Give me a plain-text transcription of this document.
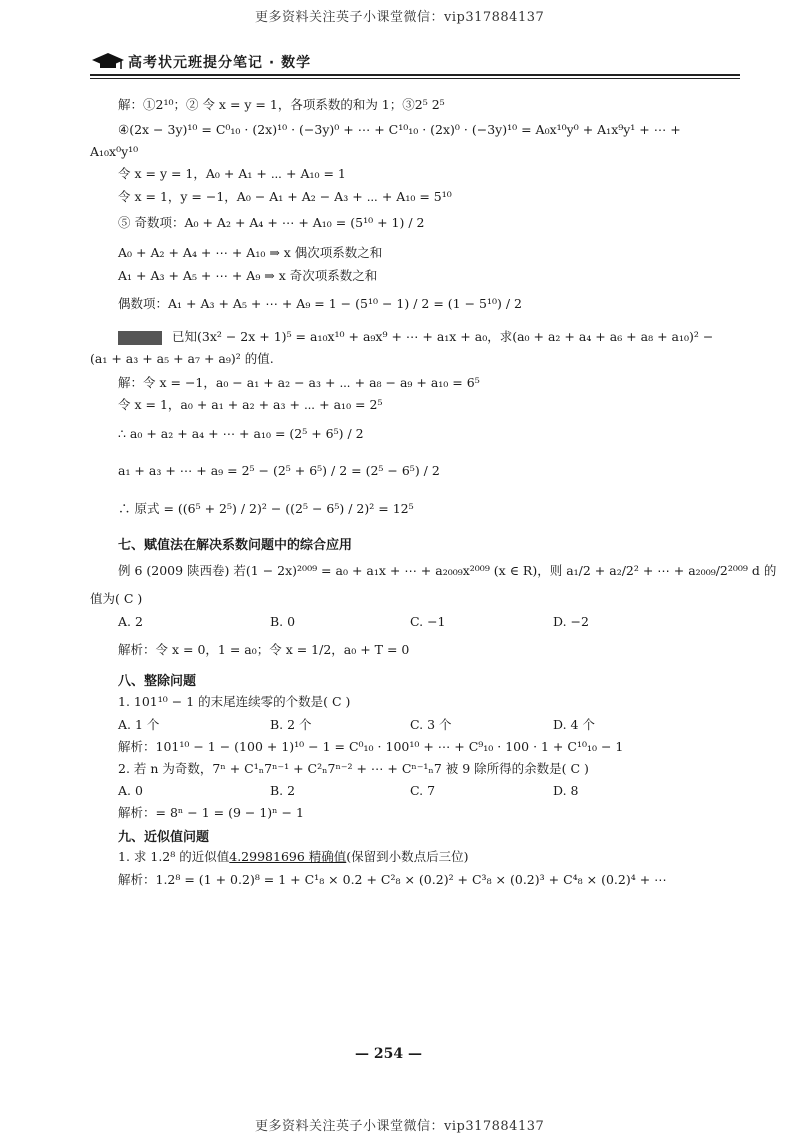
更多资料关注英子小课堂微信：vip317884137
高考状元班提分笔记 · 数学
解：①2¹⁰；② 令 x = y = 1，各项系数的和为 1；③2⁵ 2⁵
④(2x − 3y)¹⁰ = C⁰₁₀ · (2x)¹⁰ · (−3y)⁰ + ⋯ + C¹⁰₁₀ · (2x)⁰ · (−3y)¹⁰ = A₀x¹⁰y⁰ + A₁x⁹y¹ + ⋯ +
A₁₀x⁰y¹⁰
令 x = y = 1，A₀ + A₁ + ⋯ + A₁₀ = 1
令 x = 1，y = −1，A₀ − A₁ + A₂ − A₃ + ⋯ + A₁₀ = 5¹⁰
⑤ 奇数项：A₀ + A₂ + A₄ + ⋯ + A₁₀ = (5¹⁰ + 1) / 2
A₀ + A₂ + A₄ + ⋯ + A₁₀ ⇒ x 偶次项系数之和
A₁ + A₃ + A₅ + ⋯ + A₉ ⇒ x 奇次项系数之和
偶数项：A₁ + A₃ + A₅ + ⋯ + A₉ = 1 − (5¹⁰ − 1) / 2 = (1 − 5¹⁰) / 2
已知(3x² − 2x + 1)⁵ = a₁₀x¹⁰ + a₉x⁹ + ⋯ + a₁x + a₀，求(a₀ + a₂ + a₄ + a₆ + a₈ + a₁₀)² −
(a₁ + a₃ + a₅ + a₇ + a₉)² 的值.
解：令 x = −1，a₀ − a₁ + a₂ − a₃ + ⋯ + a₈ − a₉ + a₁₀ = 6⁵
令 x = 1，a₀ + a₁ + a₂ + a₃ + ⋯ + a₁₀ = 2⁵
∴ a₀ + a₂ + a₄ + ⋯ + a₁₀ = (2⁵ + 6⁵) / 2
a₁ + a₃ + ⋯ + a₉ = 2⁵ − (2⁵ + 6⁵) / 2 = (2⁵ − 6⁵) / 2
∴ 原式 = ((6⁵ + 2⁵) / 2)² − ((2⁵ − 6⁵) / 2)² = 12⁵
七、赋值法在解决系数问题中的综合应用
例 6 (2009 陕西卷) 若(1 − 2x)²⁰⁰⁹ = a₀ + a₁x + ⋯ + a₂₀₀₉x²⁰⁰⁹ (x ∈ R)，则 a₁/2 + a₂/2² + ⋯ + a₂₀₀₉/2²⁰⁰⁹ d 的
值为( C )
A. 2	B. 0	C. −1	D. −2
解析：令 x = 0，1 = a₀；令 x = 1/2，a₀ + T = 0
八、整除问题
1. 101¹⁰ − 1 的末尾连续零的个数是( C )
A. 1 个	B. 2 个	C. 3 个	D. 4 个
解析：101¹⁰ − 1 − (100 + 1)¹⁰ − 1 = C⁰₁₀ · 100¹⁰ + ⋯ + C⁹₁₀ · 100 · 1 + C¹⁰₁₀ − 1
2. 若 n 为奇数，7ⁿ + C¹ₙ7ⁿ⁻¹ + C²ₙ7ⁿ⁻² + ⋯ + Cⁿ⁻¹ₙ7 被 9 除所得的余数是( C )
A. 0	B. 2	C. 7	D. 8
解析：= 8ⁿ − 1 = (9 − 1)ⁿ − 1
九、近似值问题
1. 求 1.2⁸ 的近似值4.29981696 精确值(保留到小数点后三位)
解析：1.2⁸ = (1 + 0.2)⁸ = 1 + C¹₈ × 0.2 + C²₈ × (0.2)² + C³₈ × (0.2)³ + C⁴₈ × (0.2)⁴ + ⋯
— 254 —
更多资料关注英子小课堂微信：vip317884137
